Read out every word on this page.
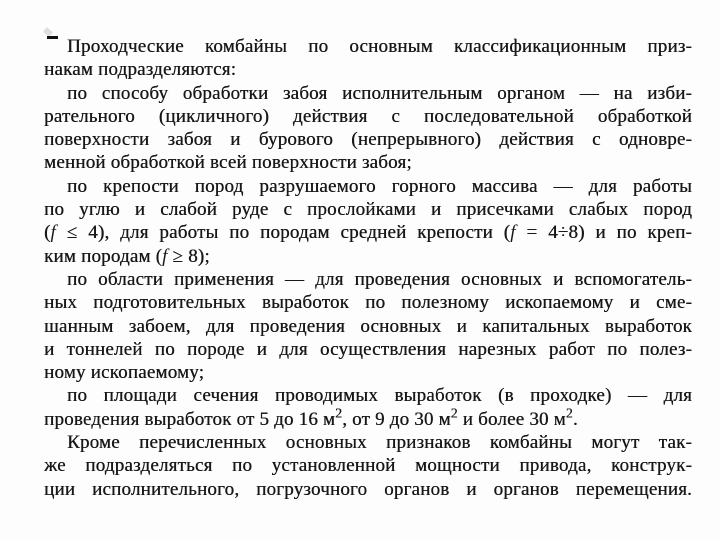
Проходческие комбайны по основным классификационным приз-
накам подразделяются:
по способу обработки забоя исполнительным органом — на изби-
рательного (цикличного) действия с последовательной обработкой
поверхности забоя и бурового (непрерывного) действия с одновре-
менной обработкой всей поверхности забоя;
по крепости пород разрушаемого горного массива — для работы
по углю и слабой руде с прослойками и присечками слабых пород
(f ≤ 4), для работы по породам средней крепости (f = 4÷8) и по креп-
ким породам (f ≥ 8);
по области применения — для проведения основных и вспомогатель-
ных подготовительных выработок по полезному ископаемому и сме-
шанным забоем, для проведения основных и капитальных выработок
и тоннелей по породе и для осуществления нарезных работ по полез-
ному ископаемому;
по площади сечения проводимых выработок (в проходке) — для
проведения выработок от 5 до 16 $м^2$, от 9 до 30 $м^2$ и более 30 $м^2$.
Кроме перечисленных основных признаков комбайны могут так-
же подразделяться по установленной мощности привода, конструк-
ции исполнительного, погрузочного органов и органов перемещения.
